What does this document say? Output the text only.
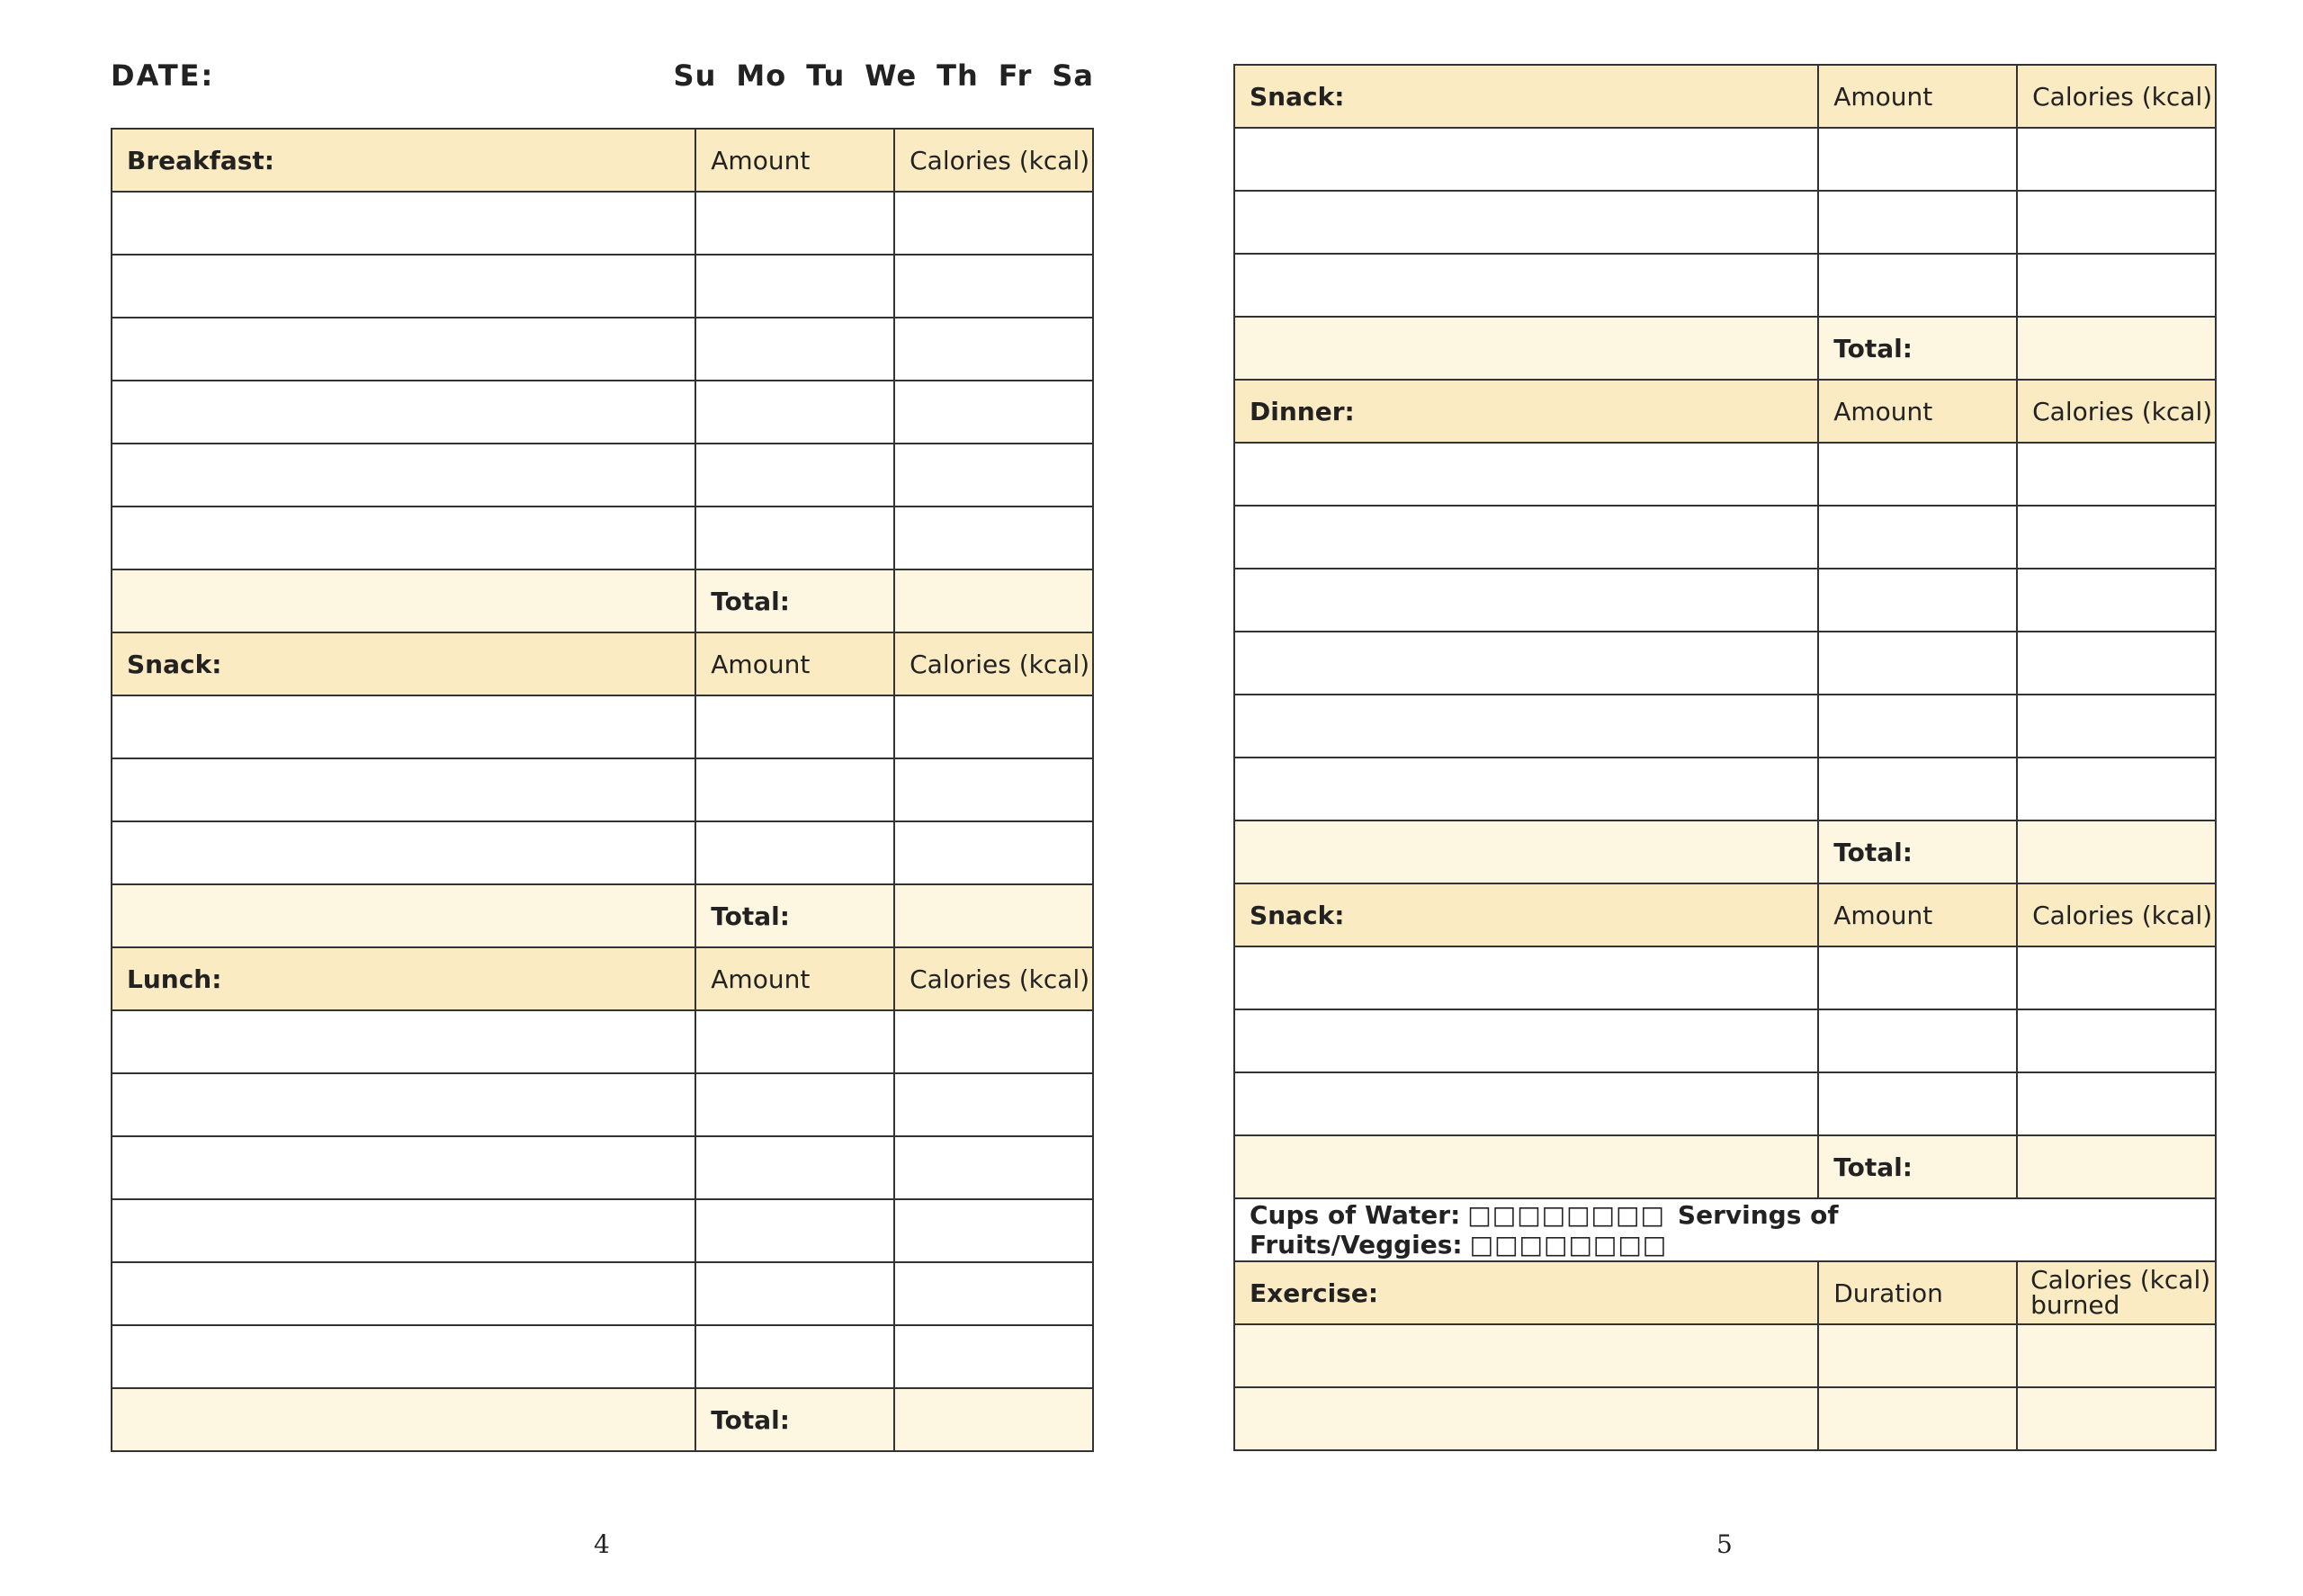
DATE:	Su Mo Tu We Th Fr Sa
Breakfast:	Amount	Calories (kcal)

	Total:	
Snack:	Amount	Calories (kcal)

	Total:	
Lunch:	Amount	Calories (kcal)

	Total:	
4
Snack:	Amount	Calories (kcal)

	Total:	
Dinner:	Amount	Calories (kcal)

	Total:	
Snack:	Amount	Calories (kcal)

	Total:	
Cups of Water: □□□□□□□□ Servings of Fruits/Veggies: □□□□□□□□		
Exercise:	Duration	Calories (kcal)
burned

5
